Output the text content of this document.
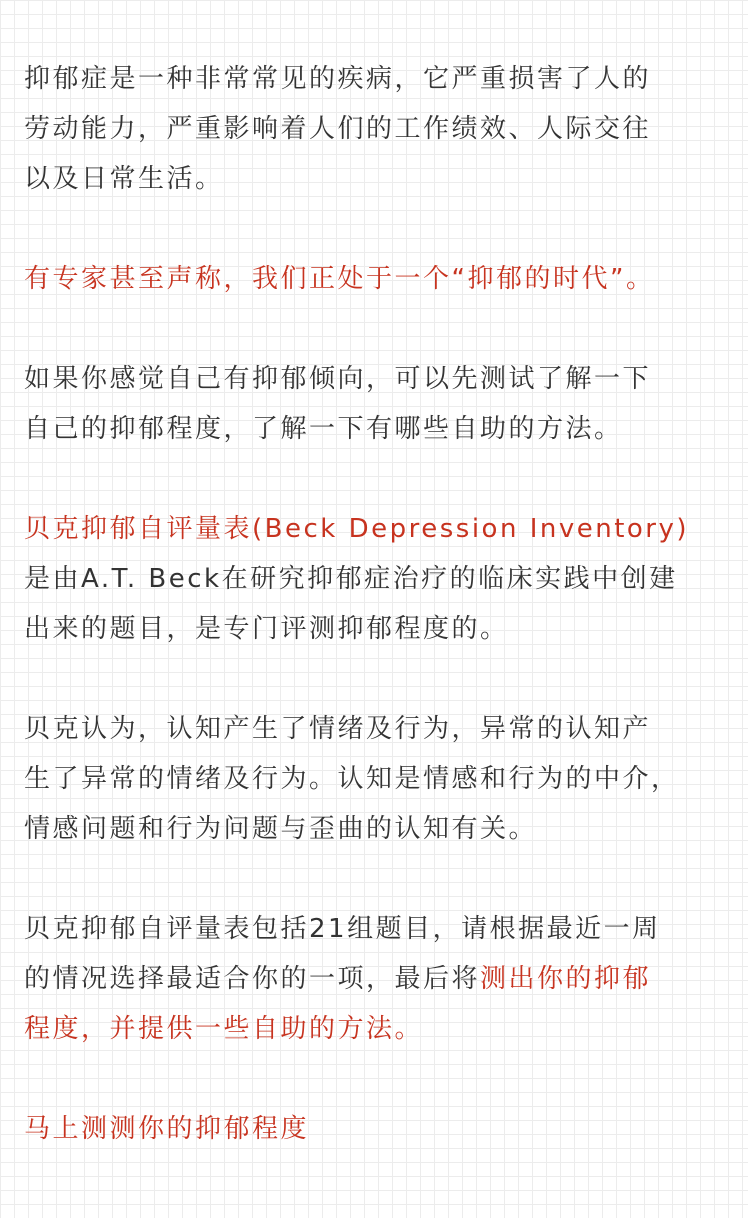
抑郁症是一种非常常见的疾病，它严重损害了人的
劳动能力，严重影响着人们的工作绩效、人际交往
以及日常生活。

有专家甚至声称，我们正处于一个“抑郁的时代”。

如果你感觉自己有抑郁倾向，可以先测试了解一下
自己的抑郁程度，了解一下有哪些自助的方法。

贝克抑郁自评量表(Beck Depression Inventory)
是由A.T. Beck在研究抑郁症治疗的临床实践中创建
出来的题目，是专门评测抑郁程度的。

贝克认为，认知产生了情绪及行为，异常的认知产
生了异常的情绪及行为。认知是情感和行为的中介，
情感问题和行为问题与歪曲的认知有关。

贝克抑郁自评量表包括21组题目，请根据最近一周
的情况选择最适合你的一项，最后将测出你的抑郁
程度，并提供一些自助的方法。

马上测测你的抑郁程度
